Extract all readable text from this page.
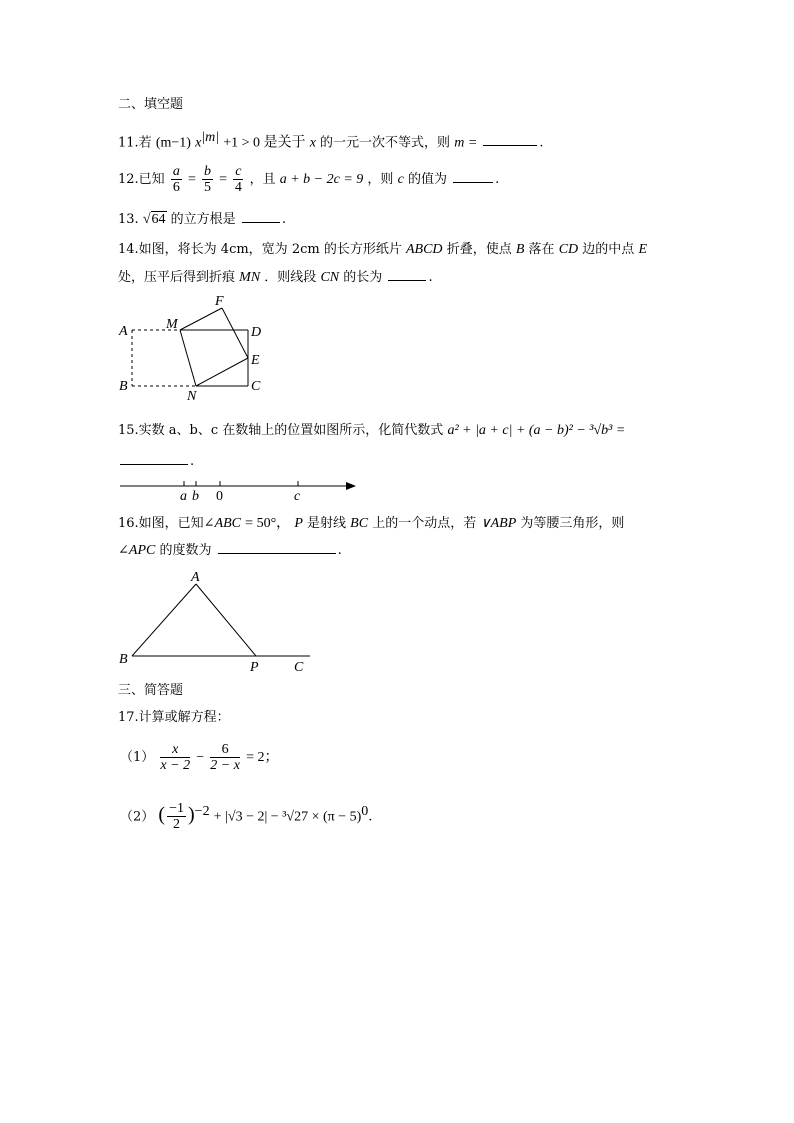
二、填空题
11.若 (m−1) $x^{|m|} +1 > 0$ 是关于 x 的一元一次不等式，则 m =	.
12.已知 $\frac{a}{6} = \frac{b}{5} = \frac{c}{4}$ ，且 a + b − 2c = 9 ，则 c 的值为	.
13. √64 的立方根是	.
14.如图，将长为 4cm，宽为 2cm 的长方形纸片 ABCD 折叠，使点 B 落在 CD 边的中点 E
处，压平后得到折痕 MN ．则线段 CN 的长为	.
A	M
F
D
E
B
N
C
15.实数 a、b、c 在数轴上的位置如图所示，化简代数式 a² + |a + c| + (a − b)² − ³√b³ =
.
a b 0	c
16.如图，已知∠ABC = 50°， P 是射线 BC 上的一个动点，若 ∨ABP 为等腰三角形，则
∠APC 的度数为	.
A
B
P	C
三、简答题
17.计算或解方程：
$(1) \frac{x}{x - 2} - \frac{6}{2 - x} = 2$；
（2） ( $\frac{-1}{2} )^{-2} + |√3 - 2| - ^3√27 \times (\pi - 5)^0$.
